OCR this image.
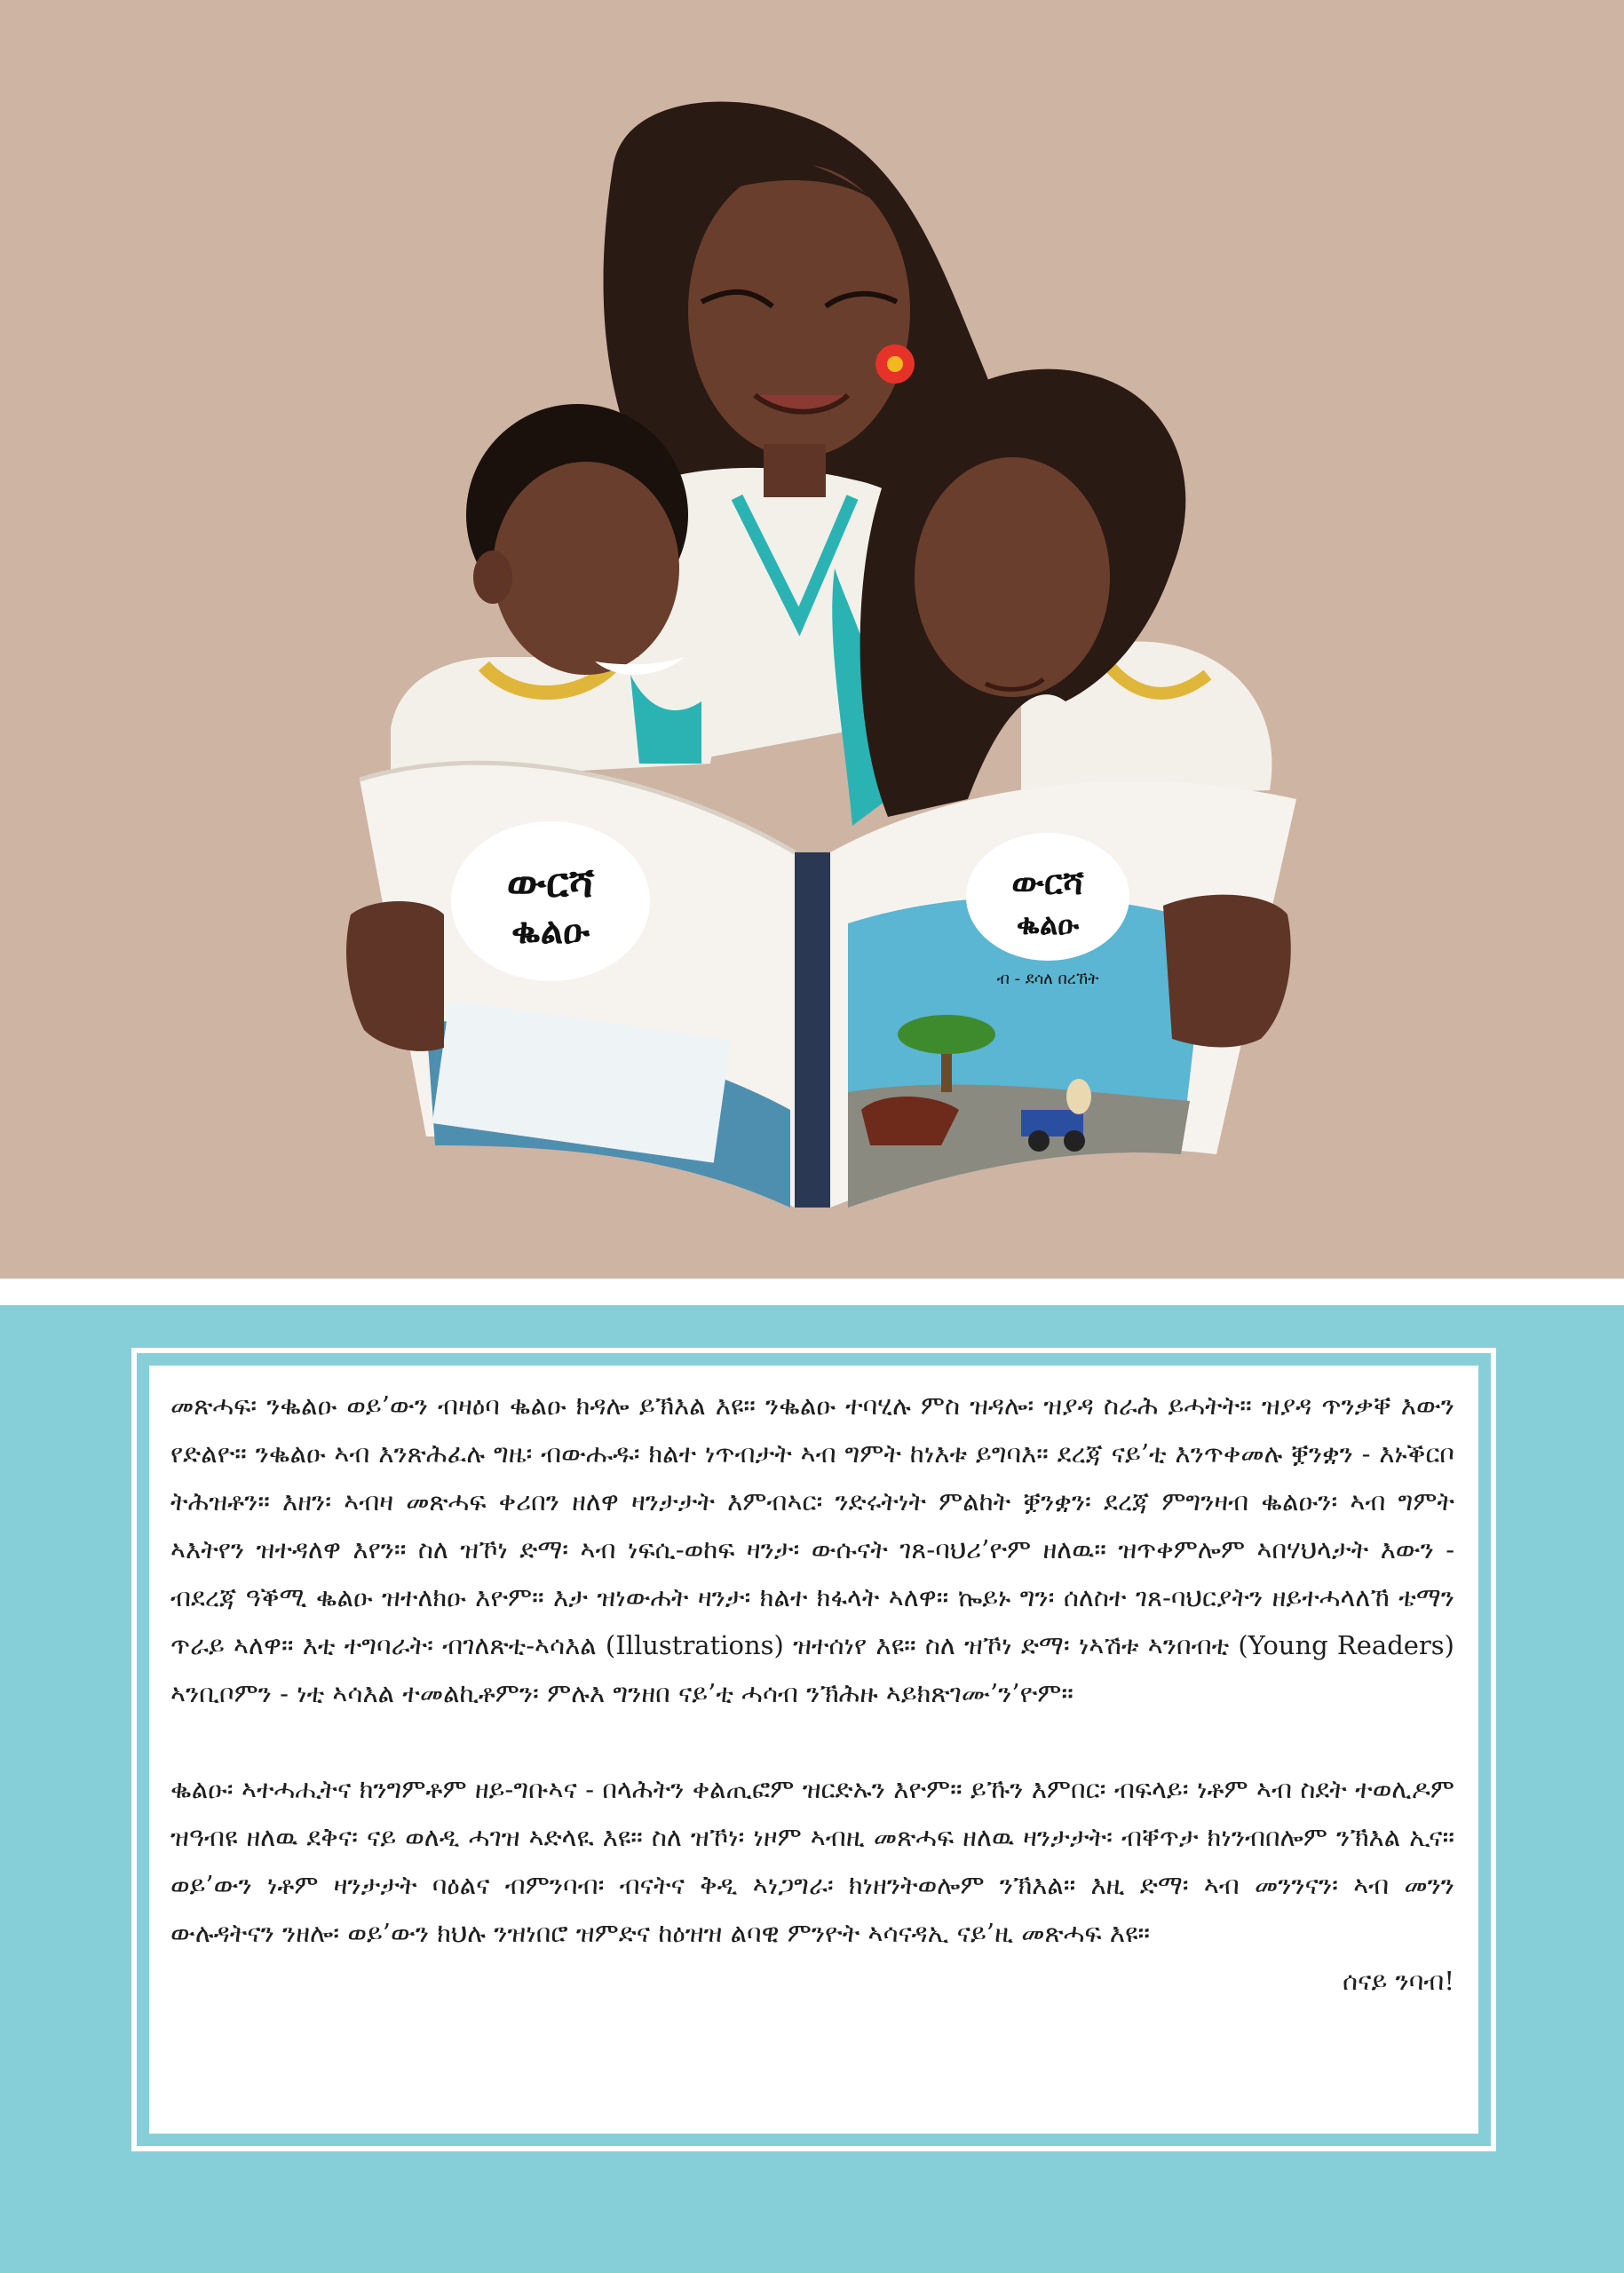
ውርሻ
ቈልዑ
ውርሻ
ቈልዑ
ብ - ደሳለ በረኸት

መጽሓፍ፡ ንቈልዑ ወይ’ውን ብዛዕባ ቈልዑ ክዳሎ ይኽእል እዩ። ንቈልዑ ተባሂሉ ምስ ዝዳሎ፡ ዝያዳ ስራሕ ይሓትት። ዝያዳ ጥንቃቐ እውን የድልዮ። ንቈልዑ ኣብ እንጽሕፈሉ ግዜ፡ ብውሑዱ፡ ክልተ ነጥብታት ኣብ ግምት ከነእቱ ይግባእ። ደረጃ ናይ’ቲ እንጥቀመሉ ቛንቋን - እኑቕርቦ ትሕዝቶን። እዘን፡ ኣብዛ መጽሓፍ ቀሪበን ዘለዋ ዛንታታት እምብኣር፡ ንድሩትነት ምልከት ቛንቋን፡ ደረጃ ምግንዛብ ቈልዑን፡ ኣብ ግምት ኣእትየን ዝተዳለዋ እየን። ስለ ዝኾነ ድማ፡ ኣብ ነፍሲ-ወከፍ ዛንታ፡ ውሱናት ገጸ-ባህሪ’ዮም ዘለዉ። ዝጥቀምሎም ኣበሃህላታት እውን - ብደረጃ ዓቕሚ ቈልዑ ዝተለክዑ እዮም። እታ ዝነውሐት ዛንታ፡ ክልተ ክፋላት ኣለዋ። ኰይኑ ግን፡ ሰለስተ ገጸ-ባህርያትን ዘይተሓላለኸ ቴማን ጥራይ ኣለዋ። እቲ ተግባራት፡ ብገለጽቲ-ኣሳእል (Illustrations) ዝተሰነየ እዩ። ስለ ዝኾነ ድማ፡ ነኣሽቱ ኣንበብቲ (Young Readers) ኣንቢቦምን - ነቲ ኣሳእል ተመልኪቶምን፡ ምሉእ ግንዘበ ናይ’ቲ ሓሳብ ንኽሕዙ ኣይክጽገሙ’ን’ዮም።

ቈልዑ፡ ኣተሓሒትና ክንግምቶም ዘይ-ግቡኣና - በላሕትን ቀልጢፎም ዝርድኡን እዮም። ይኹን እምበር፡ ብፍላይ፡ ነቶም ኣብ ስደት ተወሊዶም ዝዓብዩ ዘለዉ ደቅና፡ ናይ ወለዲ ሓገዝ ኣድላዪ እዩ። ስለ ዝኾነ፡ ነዞም ኣብዚ መጽሓፍ ዘለዉ ዛንታታት፡ ብቐጥታ ክነንብበሎም ንኽእል ኢና። ወይ’ውን ነቶም ዛንታታት ባዕልና ብምንባብ፡ ብናትና ቅዲ ኣነጋግራ፡ ክነዘንትወሎም ንኽእል። እዚ ድማ፡ ኣብ መንንናን፡ ኣብ መንን ውሉዳትናን ንዘሎ፡ ወይ’ውን ክህሉ ንዝነበሮ ዝምድና ከዕዝዝ ልባዊ ምንዮት ኣሳናዳኢ ናይ’ዚ መጽሓፍ እዩ።

ሰናይ ንባብ!
